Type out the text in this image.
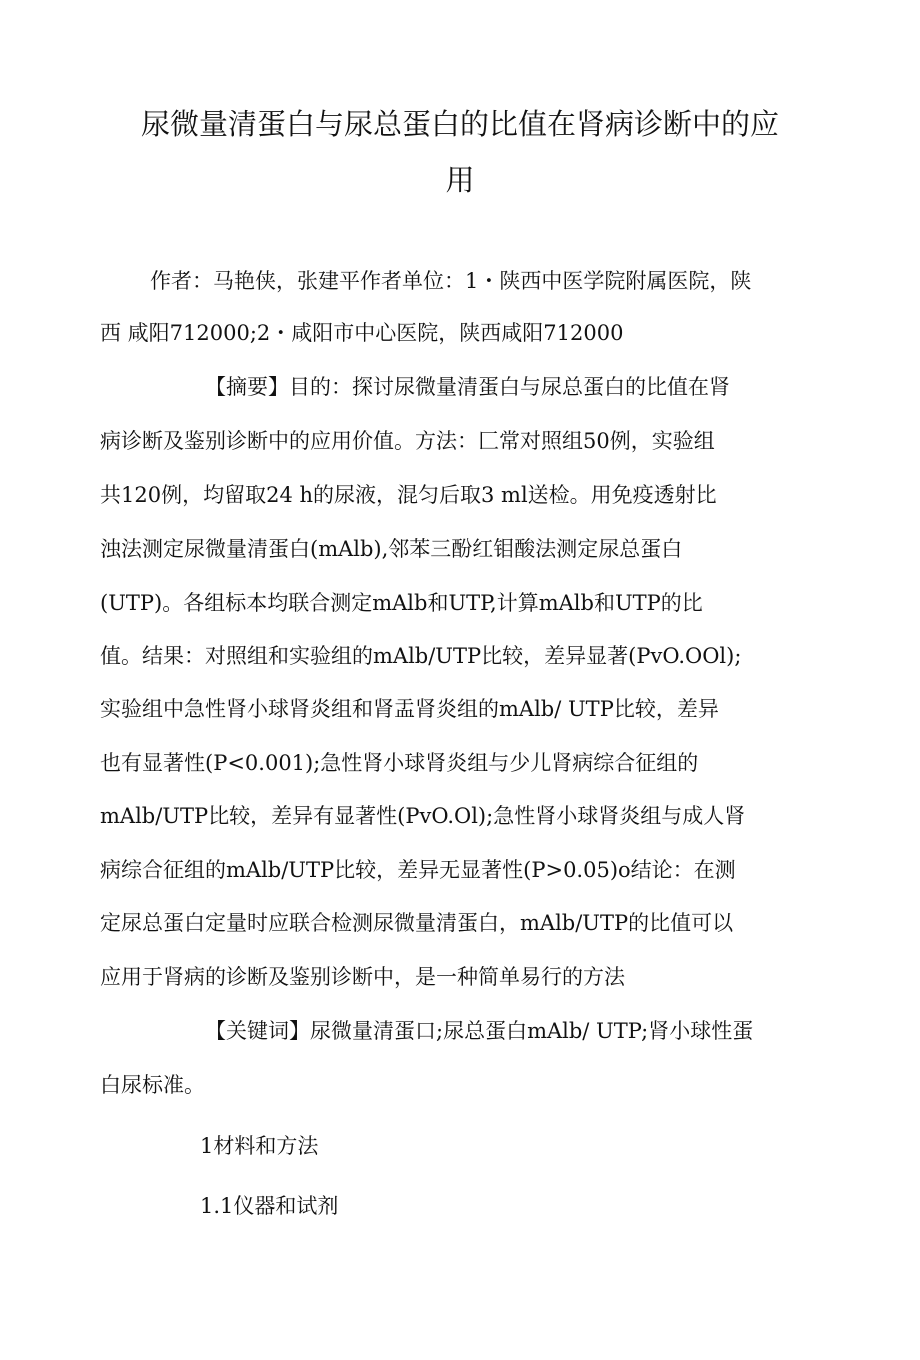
尿微量清蛋白与尿总蛋白的比值在肾病诊断中的应
用
作者：马艳侠，张建平作者单位：1・陕西中医学院附属医院，陕
西 咸阳712000;2・咸阳市中心医院，陕西咸阳712000
【摘要】目的：探讨尿微量清蛋白与尿总蛋白的比值在肾
病诊断及鉴别诊断中的应用价值。方法：匚常对照组50例，实验组
共120例，均留取24 h的尿液，混匀后取3 ml送检。用免疫透射比
浊法测定尿微量清蛋白(mAlb),邻苯三酚红钼酸法测定尿总蛋白
(UTP)。各组标本均联合测定mAlb和UTP,计算mAlb和UTP的比
值。结果：对照组和实验组的mAlb/UTP比较，差异显著(PvO.OOl);
实验组中急性肾小球肾炎组和肾盂肾炎组的mAlb/ UTP比较，差异
也有显著性(P<0.001);急性肾小球肾炎组与少儿肾病综合征组的
mAlb/UTP比较，差异有显著性(PvO.Ol);急性肾小球肾炎组与成人肾
病综合征组的mAlb/UTP比较，差异无显著性(P>0.05)o结论：在测
定尿总蛋白定量时应联合检测尿微量清蛋白，mAlb/UTP的比值可以
应用于肾病的诊断及鉴别诊断中，是一种简单易行的方法
【关键词】尿微量清蛋口;尿总蛋白mAlb/ UTP;肾小球性蛋
白尿标准。
1材料和方法
1.1仪器和试剂
